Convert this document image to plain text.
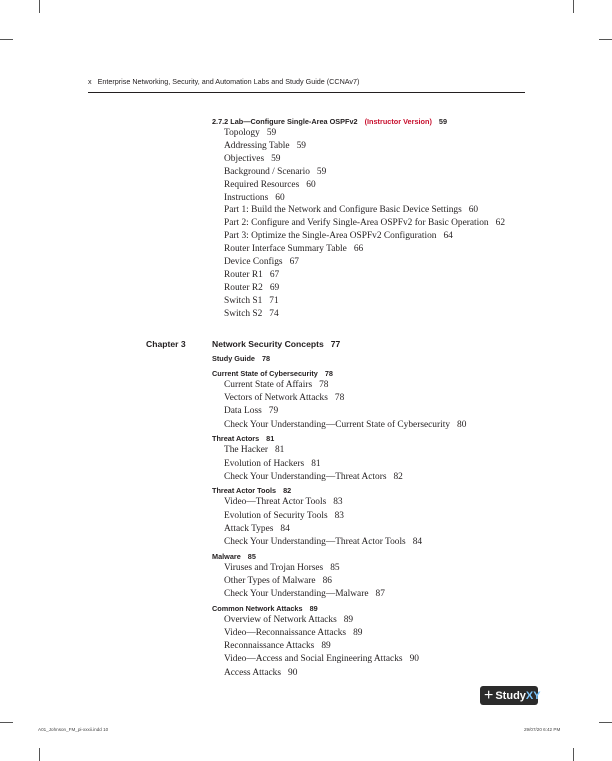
x Enterprise Networking, Security, and Automation Labs and Study Guide (CCNAv7)
2.7.2 Lab—Configure Single-Area OSPFv2 (Instructor Version) 59
Topology 59
Addressing Table 59
Objectives 59
Background / Scenario 59
Required Resources 60
Instructions 60
Part 1: Build the Network and Configure Basic Device Settings 60
Part 2: Configure and Verify Single-Area OSPFv2 for Basic Operation 62
Part 3: Optimize the Single-Area OSPFv2 Configuration 64
Router Interface Summary Table 66
Device Configs 67
Router R1 67
Router R2 69
Switch S1 71
Switch S2 74
Chapter 3	Network Security Concepts 77
Study Guide 78
Current State of Cybersecurity 78
Current State of Affairs 78
Vectors of Network Attacks 78
Data Loss 79
Check Your Understanding—Current State of Cybersecurity 80
Threat Actors 81
The Hacker 81
Evolution of Hackers 81
Check Your Understanding—Threat Actors 82
Threat Actor Tools 82
Video—Threat Actor Tools 83
Evolution of Security Tools 83
Attack Types 84
Check Your Understanding—Threat Actor Tools 84
Malware 85
Viruses and Trojan Horses 85
Other Types of Malware 86
Check Your Understanding—Malware 87
Common Network Attacks 89
Overview of Network Attacks 89
Video—Reconnaissance Attacks 89
Reconnaissance Attacks 89
Video—Access and Social Engineering Attacks 90
Access Attacks 90
+ Study XY
A01_Johnson_FM_pi-xxxii.indd 10	29/07/20 6:42 PM
